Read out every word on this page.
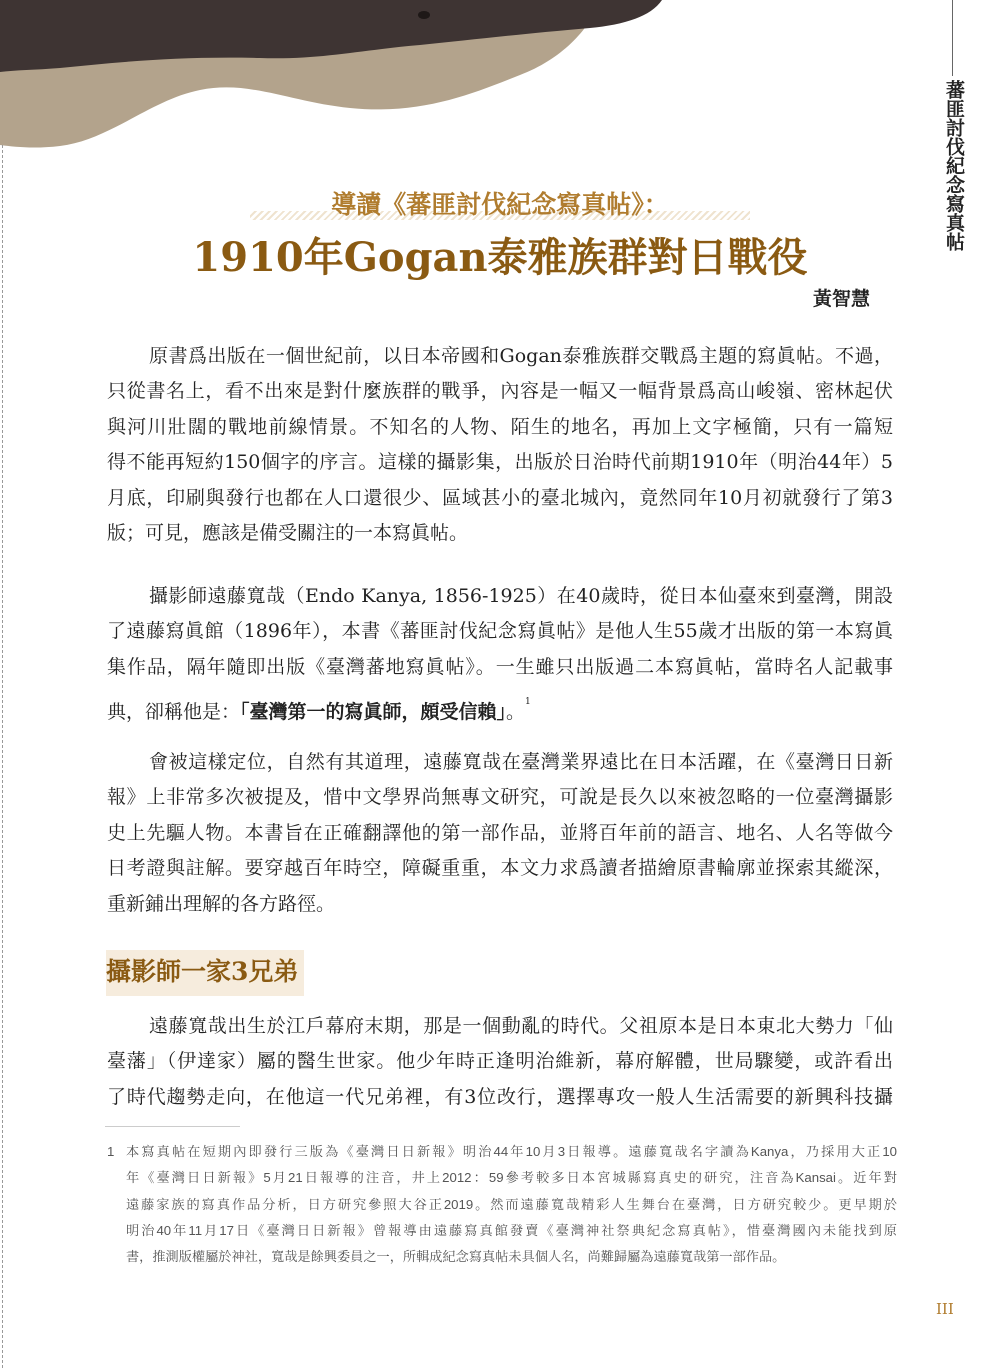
蕃匪討伐紀念寫真帖
導讀《蕃匪討伐紀念寫真帖》：
1910年Gogan泰雅族群對日戰役
黃智慧
原書爲出版在一個世紀前，以日本帝國和Gogan泰雅族群交戰爲主題的寫眞帖。不過，
只從書名上，看不出來是對什麼族群的戰爭，內容是一幅又一幅背景爲高山峻嶺、密林起伏
與河川壯闊的戰地前線情景。不知名的人物、陌生的地名，再加上文字極簡，只有一篇短
得不能再短約150個字的序言。這樣的攝影集，出版於日治時代前期1910年（明治44年）5
月底，印刷與發行也都在人口還很少、區域甚小的臺北城內，竟然同年10月初就發行了第3
版；可見，應該是備受關注的一本寫眞帖。
攝影師遠藤寬哉（Endo Kanya, 1856-1925）在40歲時，從日本仙臺來到臺灣，開設
了遠藤寫眞館（1896年），本書《蕃匪討伐紀念寫眞帖》是他人生55歲才出版的第一本寫眞
集作品，隔年隨即出版《臺灣蕃地寫眞帖》。一生雖只出版過二本寫眞帖，當時名人記載事
典，卻稱他是：「臺灣第一的寫眞師，頗受信賴」。$^1$
會被這樣定位，自然有其道理，遠藤寬哉在臺灣業界遠比在日本活躍，在《臺灣日日新
報》上非常多次被提及，惜中文學界尚無專文研究，可說是長久以來被忽略的一位臺灣攝影
史上先驅人物。本書旨在正確翻譯他的第一部作品，並將百年前的語言、地名、人名等做今
日考證與註解。要穿越百年時空，障礙重重，本文力求爲讀者描繪原書輪廓並探索其縱深，
重新鋪出理解的各方路徑。
攝影師一家3兄弟
遠藤寬哉出生於江戶幕府末期，那是一個動亂的時代。父祖原本是日本東北大勢力「仙
臺藩」（伊達家）屬的醫生世家。他少年時正逢明治維新，幕府解體，世局驟變，或許看出
了時代趨勢走向，在他這一代兄弟裡，有3位改行，選擇專攻一般人生活需要的新興科技攝
1 本寫真帖在短期內即發行三版為《臺灣日日新報》明治44年10月3日報導。遠藤寬哉名字讀為Kanya，乃採用大正10
年《臺灣日日新報》5月21日報導的注音，井上2012：59參考較多日本宮城縣寫真史的研究，注音為Kansai。近年對
遠藤家族的寫真作品分析，日方研究參照大谷正2019。然而遠藤寬哉精彩人生舞台在臺灣，日方研究較少。更早期於
明治40年11月17日《臺灣日日新報》曾報導由遠藤寫真館發賣《臺灣神社祭典紀念寫真帖》，惜臺灣國內未能找到原
書，推測版權屬於神社，寬哉是餘興委員之一，所輯成紀念寫真帖未具個人名，尚難歸屬為遠藤寬哉第一部作品。
III
